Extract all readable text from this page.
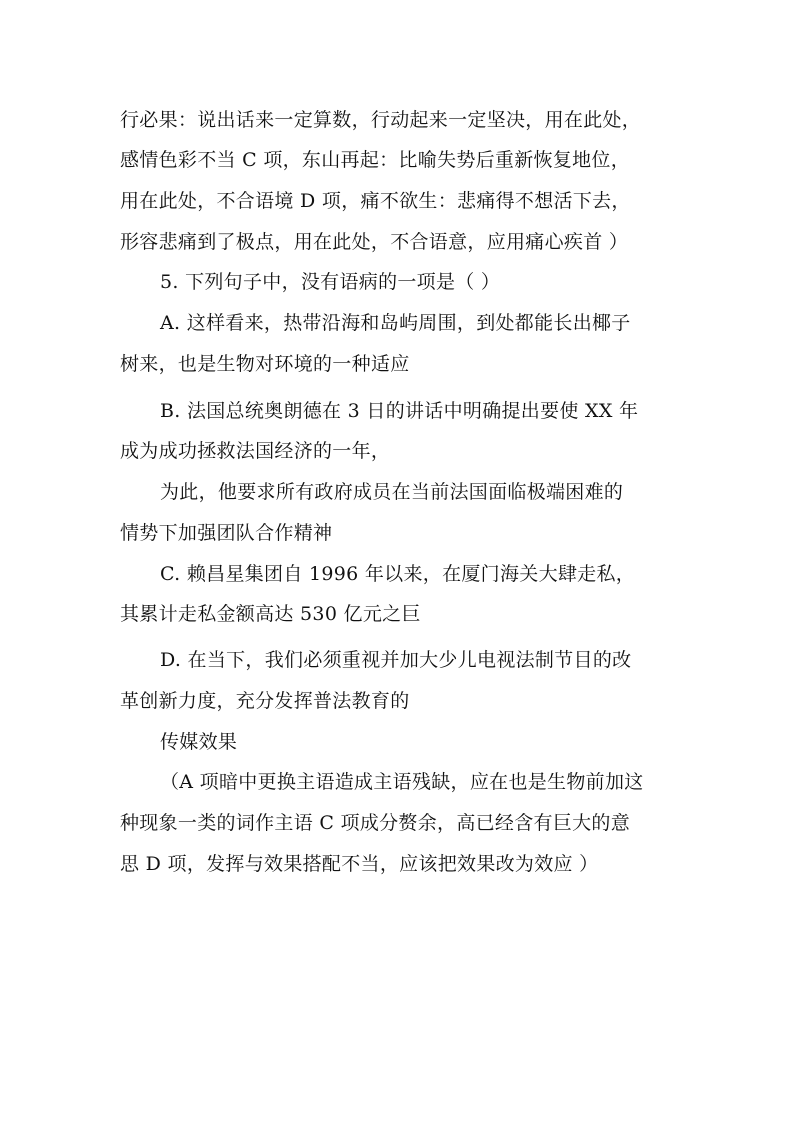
行必果：说出话来一定算数，行动起来一定坚决，用在此处，

感情色彩不当 C 项，东山再起：比喻失势后重新恢复地位，

用在此处，不合语境 D 项，痛不欲生：悲痛得不想活下去，

形容悲痛到了极点，用在此处，不合语意，应用痛心疾首 ）

5. 下列句子中，没有语病的一项是（ ）

A. 这样看来，热带沿海和岛屿周围，到处都能长出椰子

树来，也是生物对环境的一种适应

B. 法国总统奥朗德在 3 日的讲话中明确提出要使 XX 年

成为成功拯救法国经济的一年，

为此，他要求所有政府成员在当前法国面临极端困难的

情势下加强团队合作精神

C. 赖昌星集团自 1996 年以来，在厦门海关大肆走私，

其累计走私金额高达 530 亿元之巨

D. 在当下，我们必须重视并加大少儿电视法制节目的改

革创新力度，充分发挥普法教育的

传媒效果

（A 项暗中更换主语造成主语残缺，应在也是生物前加这

种现象一类的词作主语 C 项成分赘余，高已经含有巨大的意

思 D 项，发挥与效果搭配不当，应该把效果改为效应 ）
